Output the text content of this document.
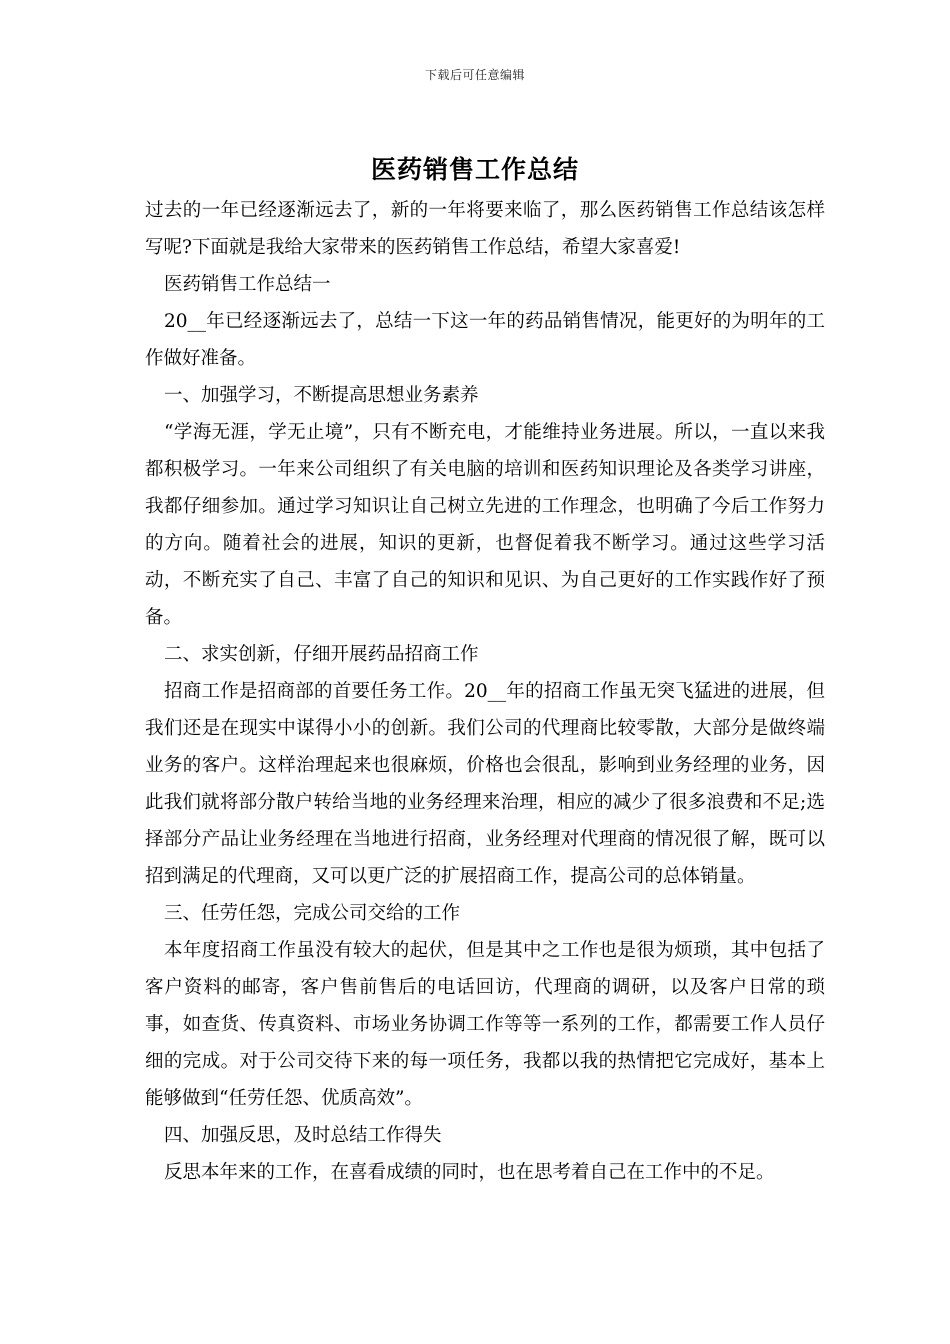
下载后可任意编辑
医药销售工作总结

过去的一年已经逐渐远去了，新的一年将要来临了，那么医药销售工作总结该怎样写呢?下面就是我给大家带来的医药销售工作总结，希望大家喜爱!

医药销售工作总结一

20__年已经逐渐远去了，总结一下这一年的药品销售情况，能更好的为明年的工作做好准备。

一、加强学习，不断提高思想业务素养

“学海无涯，学无止境”，只有不断充电，才能维持业务进展。所以，一直以来我都积极学习。一年来公司组织了有关电脑的培训和医药知识理论及各类学习讲座，我都仔细参加。通过学习知识让自己树立先进的工作理念，也明确了今后工作努力的方向。随着社会的进展，知识的更新，也督促着我不断学习。通过这些学习活动，不断充实了自己、丰富了自己的知识和见识、为自己更好的工作实践作好了预备。

二、求实创新，仔细开展药品招商工作

招商工作是招商部的首要任务工作。20__年的招商工作虽无突飞猛进的进展，但我们还是在现实中谋得小小的创新。我们公司的代理商比较零散，大部分是做终端业务的客户。这样治理起来也很麻烦，价格也会很乱，影响到业务经理的业务，因此我们就将部分散户转给当地的业务经理来治理，相应的减少了很多浪费和不足;选择部分产品让业务经理在当地进行招商，业务经理对代理商的情况很了解，既可以招到满足的代理商，又可以更广泛的扩展招商工作，提高公司的总体销量。

三、任劳任怨，完成公司交给的工作

本年度招商工作虽没有较大的起伏，但是其中之工作也是很为烦琐，其中包括了客户资料的邮寄，客户售前售后的电话回访，代理商的调研，以及客户日常的琐事，如查货、传真资料、市场业务协调工作等等一系列的工作，都需要工作人员仔细的完成。对于公司交待下来的每一项任务，我都以我的热情把它完成好，基本上能够做到“任劳任怨、优质高效”。

四、加强反思，及时总结工作得失

反思本年来的工作，在喜看成绩的同时，也在思考着自己在工作中的不足。
